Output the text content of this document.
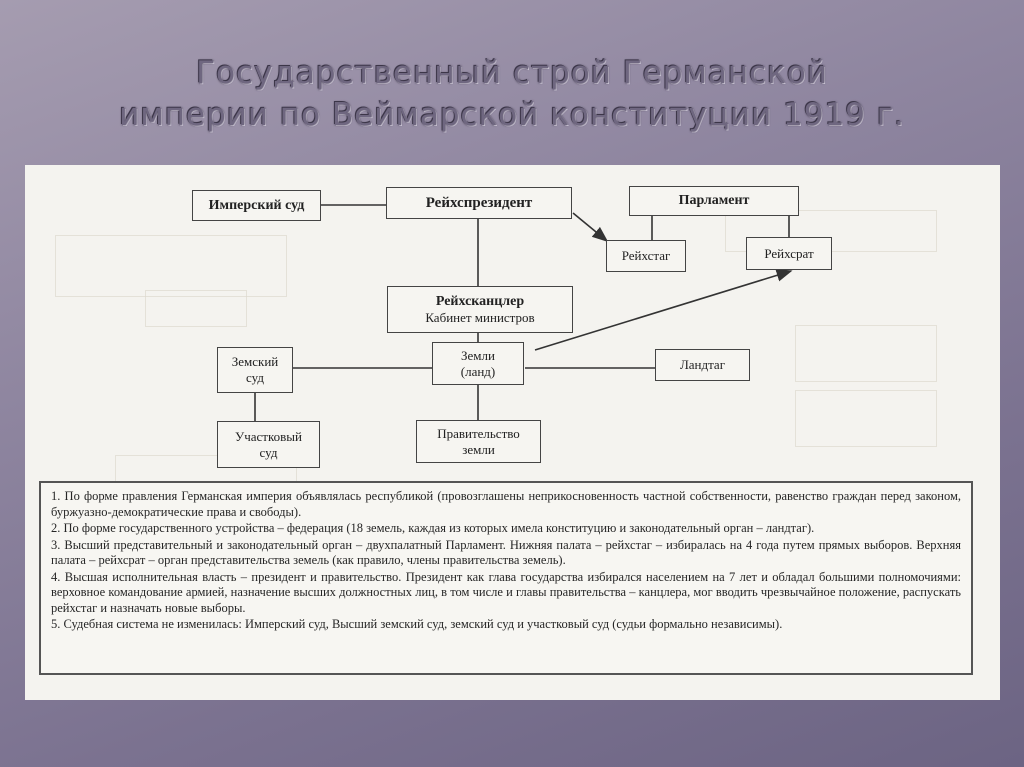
Государственный строй Германской
империи по Веймарской конституции 1919 г.
Имперский суд	Рейхспрезидент	Парламент
Рейхстаг	Рейхсрат
Рейхсканцлер
Кабинет министров
Земский
суд
Земли
(ланд)	Ландтаг
Участковый
суд
Правительство
земли

1. По форме правления Германская империя объявлялась республикой (провозглашены неприкосновенность частной собственности, равенство граждан перед законом, буржуазно-демократические права и свободы).

2. По форме государственного устройства – федерация (18 земель, каждая из которых имела конституцию и законодательный орган – ландтаг).

3. Высший представительный и законодательный орган – двухпалатный Парламент. Нижняя палата – рейхстаг – избиралась на 4 года путем прямых выборов. Верхняя палата – рейхсрат – орган представительства земель (как правило, члены правительства земель).

4. Высшая исполнительная власть – президент и правительство. Президент как глава государства избирался населением на 7 лет и обладал большими полномочиями: верховное командование армией, назначение высших должностных лиц, в том числе и главы правительства – канцлера, мог вводить чрезвычайное положение, распускать рейхстаг и назначать новые выборы.

5. Судебная система не изменилась: Имперский суд, Высший земский суд, земский суд и участковый суд (судьи формально независимы).
